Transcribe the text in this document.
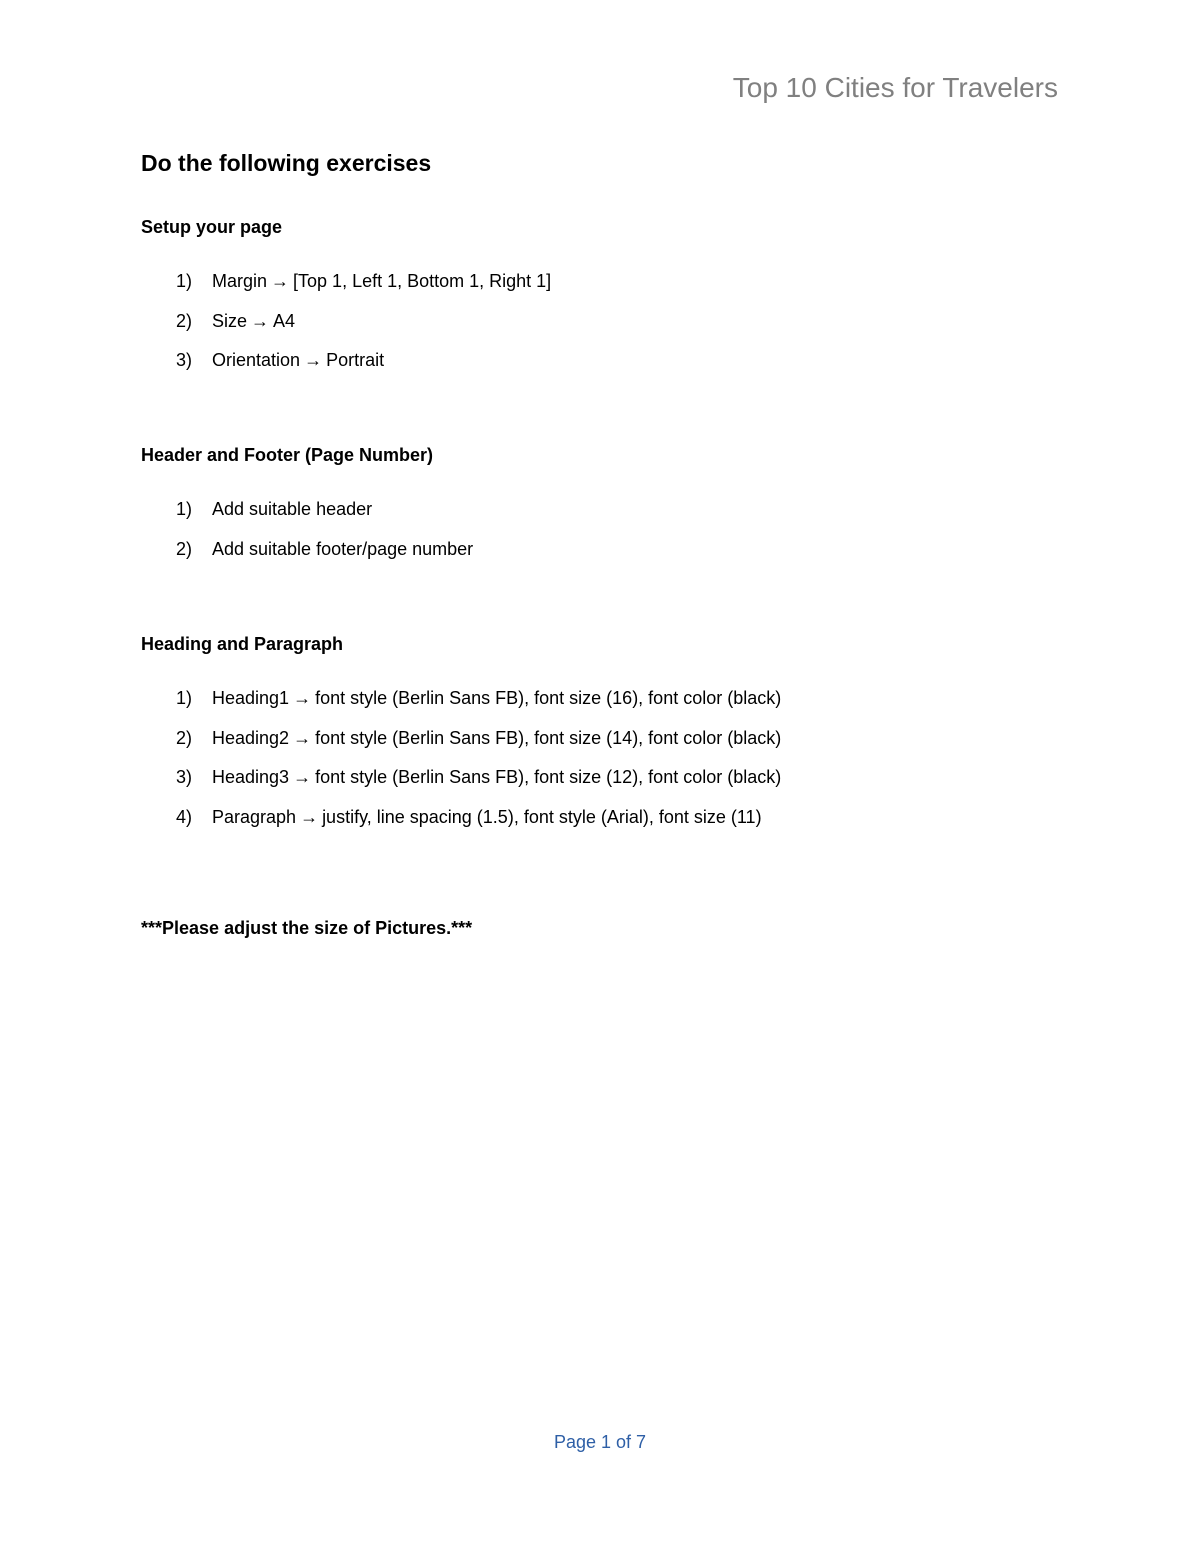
Top 10 Cities for Travelers
Do the following exercises
Setup your page
1) Margin → [Top 1, Left 1, Bottom 1, Right 1]
2) Size → A4
3) Orientation → Portrait
Header and Footer (Page Number)
1) Add suitable header
2) Add suitable footer/page number
Heading and Paragraph
1) Heading1 → font style (Berlin Sans FB), font size (16), font color (black)
2) Heading2 → font style (Berlin Sans FB), font size (14), font color (black)
3) Heading3 → font style (Berlin Sans FB), font size (12), font color (black)
4) Paragraph → justify, line spacing (1.5), font style (Arial), font size (11)
***Please adjust the size of Pictures.***
Page 1 of 7
